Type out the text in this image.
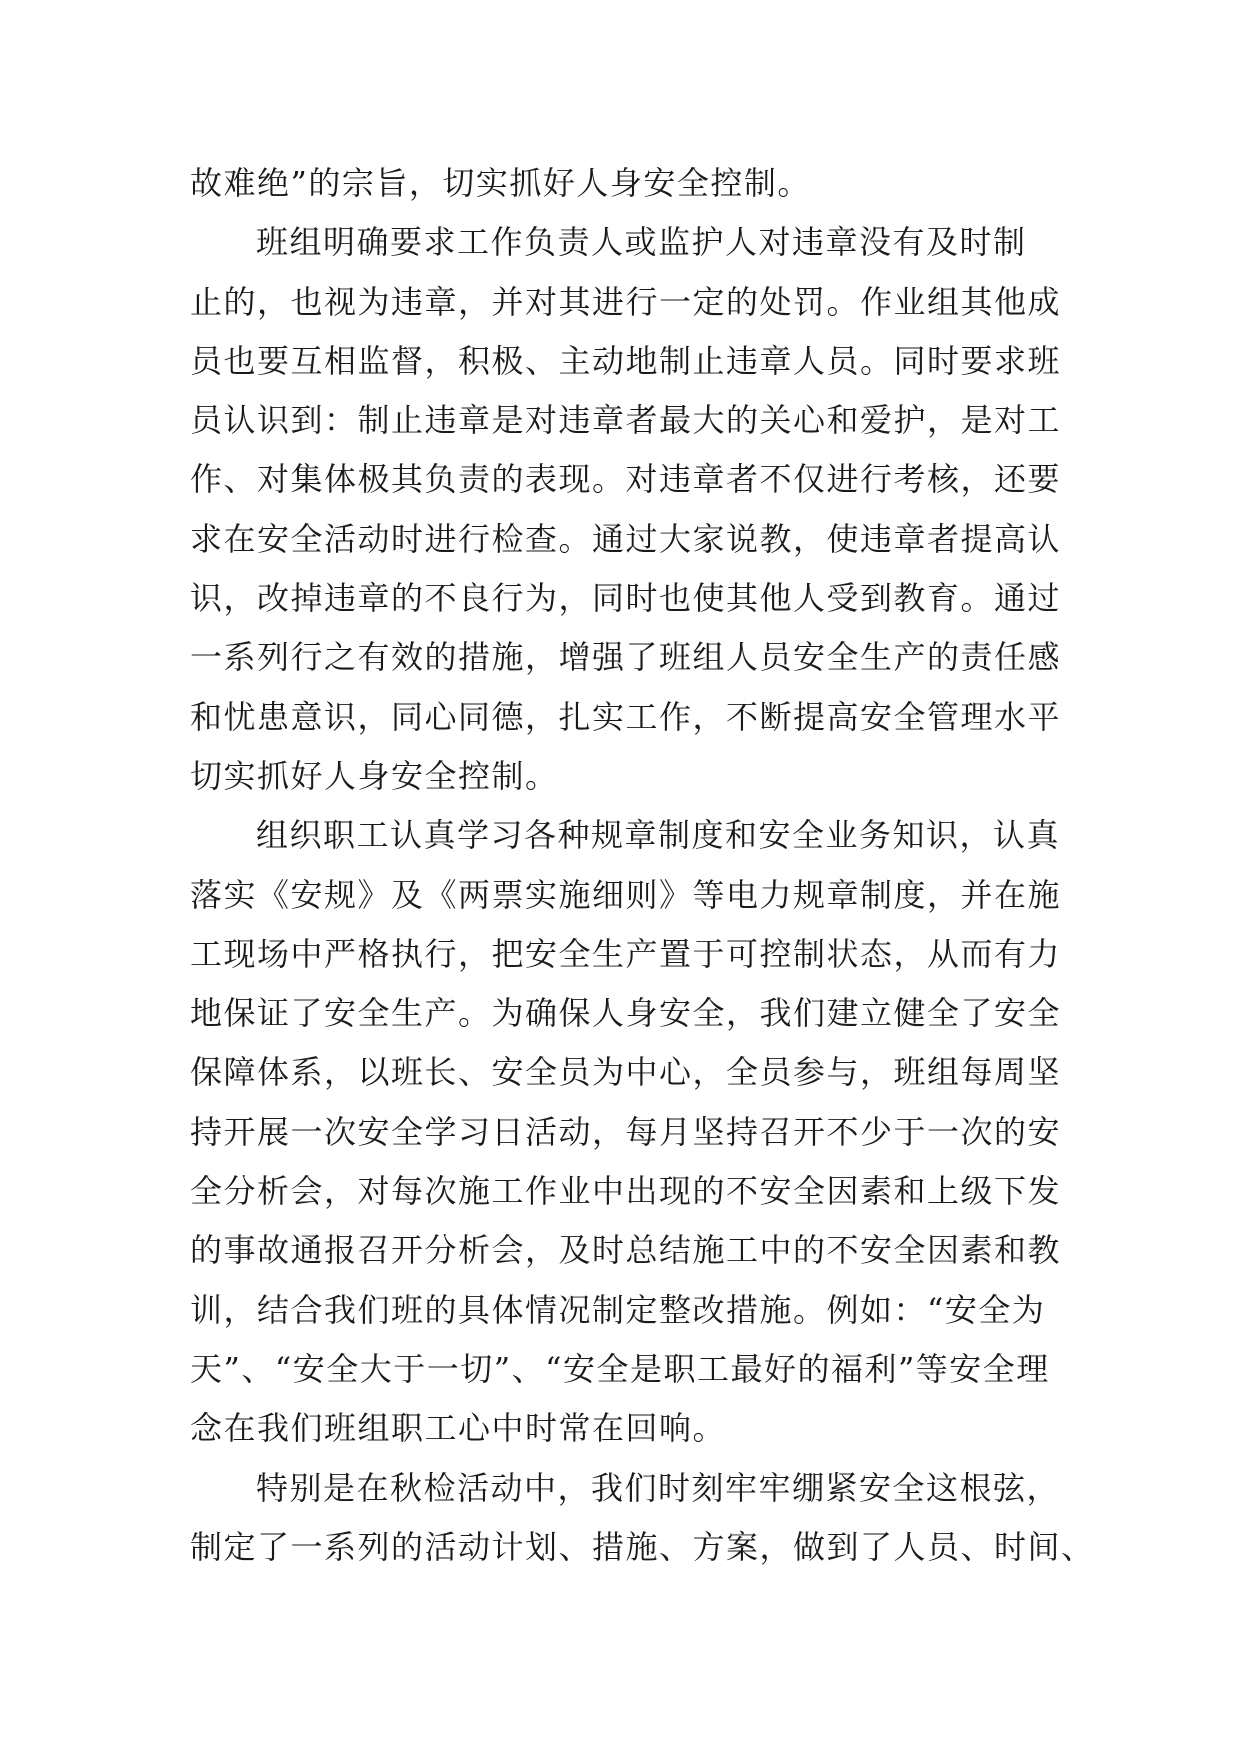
故难绝”的宗旨，切实抓好人身安全控制。

班组明确要求工作负责人或监护人对违章没有及时制
止的，也视为违章，并对其进行一定的处罚。作业组其他成
员也要互相监督，积极、主动地制止违章人员。同时要求班
员认识到：制止违章是对违章者最大的关心和爱护，是对工
作、对集体极其负责的表现。对违章者不仅进行考核，还要
求在安全活动时进行检查。通过大家说教，使违章者提高认
识，改掉违章的不良行为，同时也使其他人受到教育。通过
一系列行之有效的措施，增强了班组人员安全生产的责任感
和忧患意识，同心同德，扎实工作，不断提高安全管理水平
切实抓好人身安全控制。

组织职工认真学习各种规章制度和安全业务知识，认真
落实《安规》及《两票实施细则》等电力规章制度，并在施
工现场中严格执行，把安全生产置于可控制状态，从而有力
地保证了安全生产。为确保人身安全，我们建立健全了安全
保障体系，以班长、安全员为中心，全员参与，班组每周坚
持开展一次安全学习日活动，每月坚持召开不少于一次的安
全分析会，对每次施工作业中出现的不安全因素和上级下发
的事故通报召开分析会，及时总结施工中的不安全因素和教
训，结合我们班的具体情况制定整改措施。例如：“安全为
天”、“安全大于一切”、“安全是职工最好的福利”等安全理
念在我们班组职工心中时常在回响。

特别是在秋检活动中，我们时刻牢牢绷紧安全这根弦，
制定了一系列的活动计划、措施、方案，做到了人员、时间、
